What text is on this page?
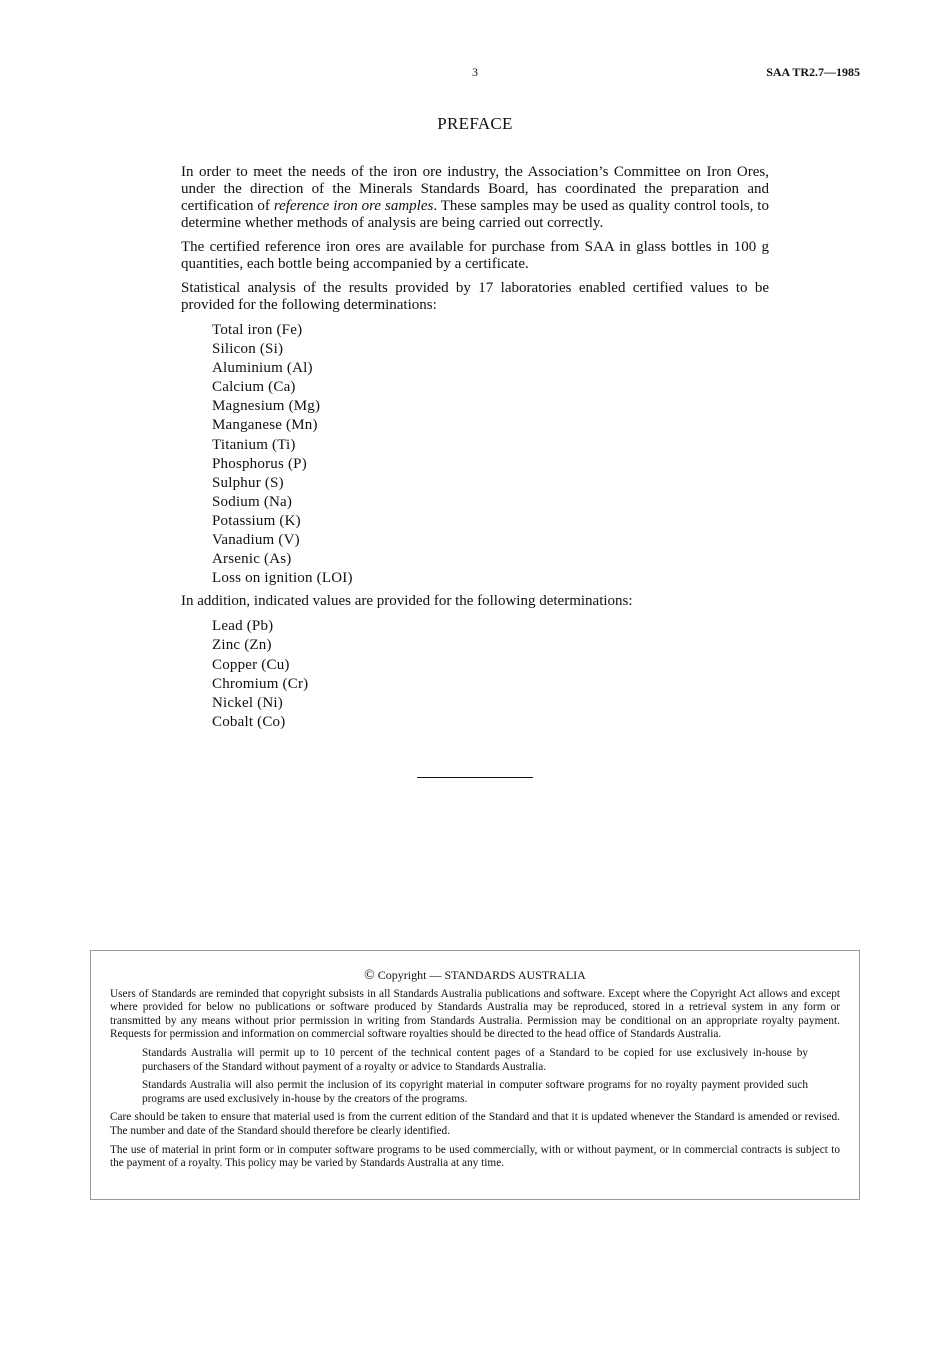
3	SAA TR2.7—1985
PREFACE

In order to meet the needs of the iron ore industry, the Association’s Committee on Iron Ores, under the direction of the Minerals Standards Board, has coordinated the preparation and certification of reference iron ore samples. These samples may be used as quality control tools, to determine whether methods of analysis are being carried out correctly.

The certified reference iron ores are available for purchase from SAA in glass bottles in 100 g quantities, each bottle being accompanied by a certificate.

Statistical analysis of the results provided by 17 laboratories enabled certified values to be provided for the following determinations:

Total iron (Fe)
Silicon (Si)
Aluminium (Al)
Calcium (Ca)
Magnesium (Mg)
Manganese (Mn)
Titanium (Ti)
Phosphorus (P)
Sulphur (S)
Sodium (Na)
Potassium (K)
Vanadium (V)
Arsenic (As)
Loss on ignition (LOI)

In addition, indicated values are provided for the following determinations:

Lead (Pb)
Zinc (Zn)
Copper (Cu)
Chromium (Cr)
Nickel (Ni)
Cobalt (Co)
© Copyright — STANDARDS AUSTRALIA

Users of Standards are reminded that copyright subsists in all Standards Australia publications and software. Except where the Copyright Act allows and except where provided for below no publications or software produced by Standards Australia may be reproduced, stored in a retrieval system in any form or transmitted by any means without prior permission in writing from Standards Australia. Permission may be conditional on an appropriate royalty payment. Requests for permission and information on commercial software royalties should be directed to the head office of Standards Australia.

Standards Australia will permit up to 10 percent of the technical content pages of a Standard to be copied for use exclusively in-house by purchasers of the Standard without payment of a royalty or advice to Standards Australia.

Standards Australia will also permit the inclusion of its copyright material in computer software programs for no royalty payment provided such programs are used exclusively in-house by the creators of the programs.

Care should be taken to ensure that material used is from the current edition of the Standard and that it is updated whenever the Standard is amended or revised. The number and date of the Standard should therefore be clearly identified.

The use of material in print form or in computer software programs to be used commercially, with or without payment, or in commercial contracts is subject to the payment of a royalty. This policy may be varied by Standards Australia at any time.
